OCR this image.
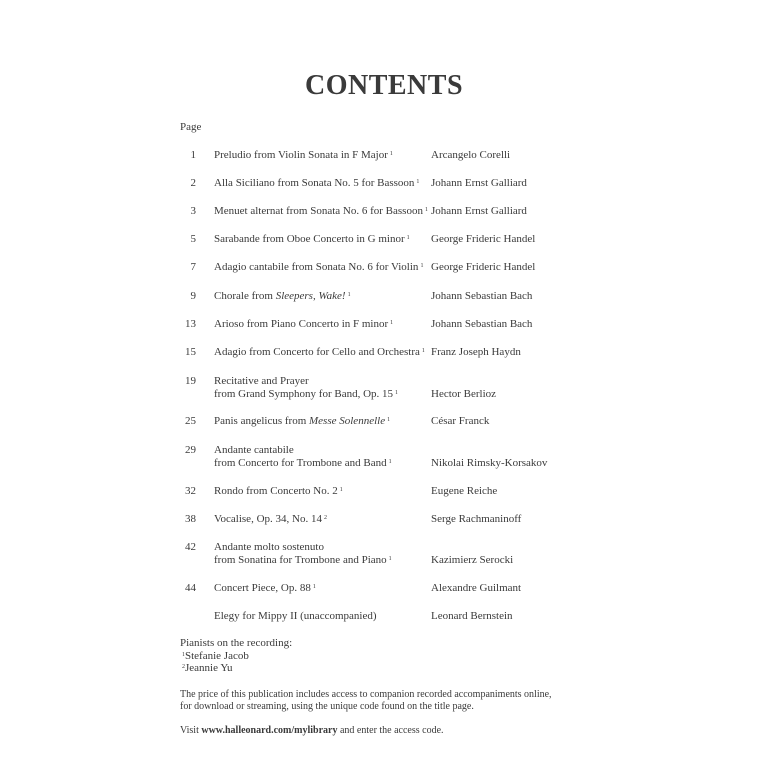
CONTENTS
Page
1 Preludio from Violin Sonata in F Major $^1$	Arcangelo Corelli
2 Alla Siciliano from Sonata No. 5 for Bassoon $^1$	Johann Ernst Galliard
3 Menuet alternat from Sonata No. 6 for Bassoon $^1$ Johann Ernst Galliard
5 Sarabande from Oboe Concerto in G minor $^1$	George Frideric Handel
7 Adagio cantabile from Sonata No. 6 for Violin $^1$ George Frideric Handel
9 Chorale from Sleepers, Wake! $^1$	Johann Sebastian Bach
13 Arioso from Piano Concerto in F minor $^1$	Johann Sebastian Bach
15 Adagio from Concerto for Cello and Orchestra $^1$ Franz Joseph Haydn
19 Recitative and Prayer
from Grand Symphony for Band, Op. 15 $^1$	Hector Berlioz
25 Panis angelicus from Messe Solennelle $^1$	César Franck
29 Andante cantabile
from Concerto for Trombone and Band $^1$	Nikolai Rimsky-Korsakov
32 Rondo from Concerto No. 2 $^1$	Eugene Reiche
38 Vocalise, Op. 34, No. 14 $^2$	Serge Rachmaninoff
42 Andante molto sostenuto
from Sonatina for Trombone and Piano $^1$	Kazimierz Serocki
44 Concert Piece, Op. 88 $^1$	Alexandre Guilmant
Elegy for Mippy II (unaccompanied)	Leonard Bernstein
Pianists on the recording:
$^1$Stefanie Jacob
$^2$Jeannie Yu
The price of this publication includes access to companion recorded accompaniments online,
for download or streaming, using the unique code found on the title page.
Visit www.halleonard.com/mylibrary and enter the access code.
